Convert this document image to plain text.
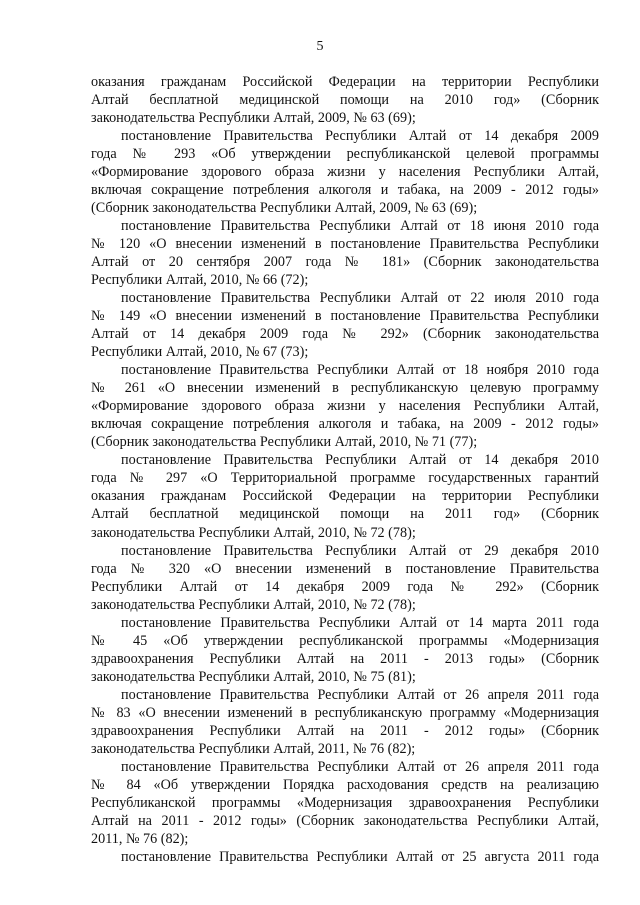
5
оказания гражданам Российской Федерации на территории Республики
Алтай бесплатной медицинской помощи на 2010 год» (Сборник
законодательства Республики Алтай, 2009, № 63 (69);
постановление Правительства Республики Алтай от 14 декабря 2009
года № 293 «Об утверждении республиканской целевой программы
«Формирование здорового образа жизни у населения Республики Алтай,
включая сокращение потребления алкоголя и табака, на 2009 - 2012 годы»
(Сборник законодательства Республики Алтай, 2009, № 63 (69);
постановление Правительства Республики Алтай от 18 июня 2010 года
№ 120 «О внесении изменений в постановление Правительства Республики
Алтай от 20 сентября 2007 года № 181» (Сборник законодательства
Республики Алтай, 2010, № 66 (72);
постановление Правительства Республики Алтай от 22 июля 2010 года
№ 149 «О внесении изменений в постановление Правительства Республики
Алтай от 14 декабря 2009 года № 292» (Сборник законодательства
Республики Алтай, 2010, № 67 (73);
постановление Правительства Республики Алтай от 18 ноября 2010 года
№ 261 «О внесении изменений в республиканскую целевую программу
«Формирование здорового образа жизни у населения Республики Алтай,
включая сокращение потребления алкоголя и табака, на 2009 - 2012 годы»
(Сборник законодательства Республики Алтай, 2010, № 71 (77);
постановление Правительства Республики Алтай от 14 декабря 2010
года № 297 «О Территориальной программе государственных гарантий
оказания гражданам Российской Федерации на территории Республики
Алтай бесплатной медицинской помощи на 2011 год» (Сборник
законодательства Республики Алтай, 2010, № 72 (78);
постановление Правительства Республики Алтай от 29 декабря 2010
года № 320 «О внесении изменений в постановление Правительства
Республики Алтай от 14 декабря 2009 года № 292» (Сборник
законодательства Республики Алтай, 2010, № 72 (78);
постановление Правительства Республики Алтай от 14 марта 2011 года
№ 45 «Об утверждении республиканской программы «Модернизация
здравоохранения Республики Алтай на 2011 - 2013 годы» (Сборник
законодательства Республики Алтай, 2010, № 75 (81);
постановление Правительства Республики Алтай от 26 апреля 2011 года
№ 83 «О внесении изменений в республиканскую программу «Модернизация
здравоохранения Республики Алтай на 2011 - 2012 годы» (Сборник
законодательства Республики Алтай, 2011, № 76 (82);
постановление Правительства Республики Алтай от 26 апреля 2011 года
№ 84 «Об утверждении Порядка расходования средств на реализацию
Республиканской программы «Модернизация здравоохранения Республики
Алтай на 2011 - 2012 годы» (Сборник законодательства Республики Алтай,
2011, № 76 (82);
постановление Правительства Республики Алтай от 25 августа 2011 года
